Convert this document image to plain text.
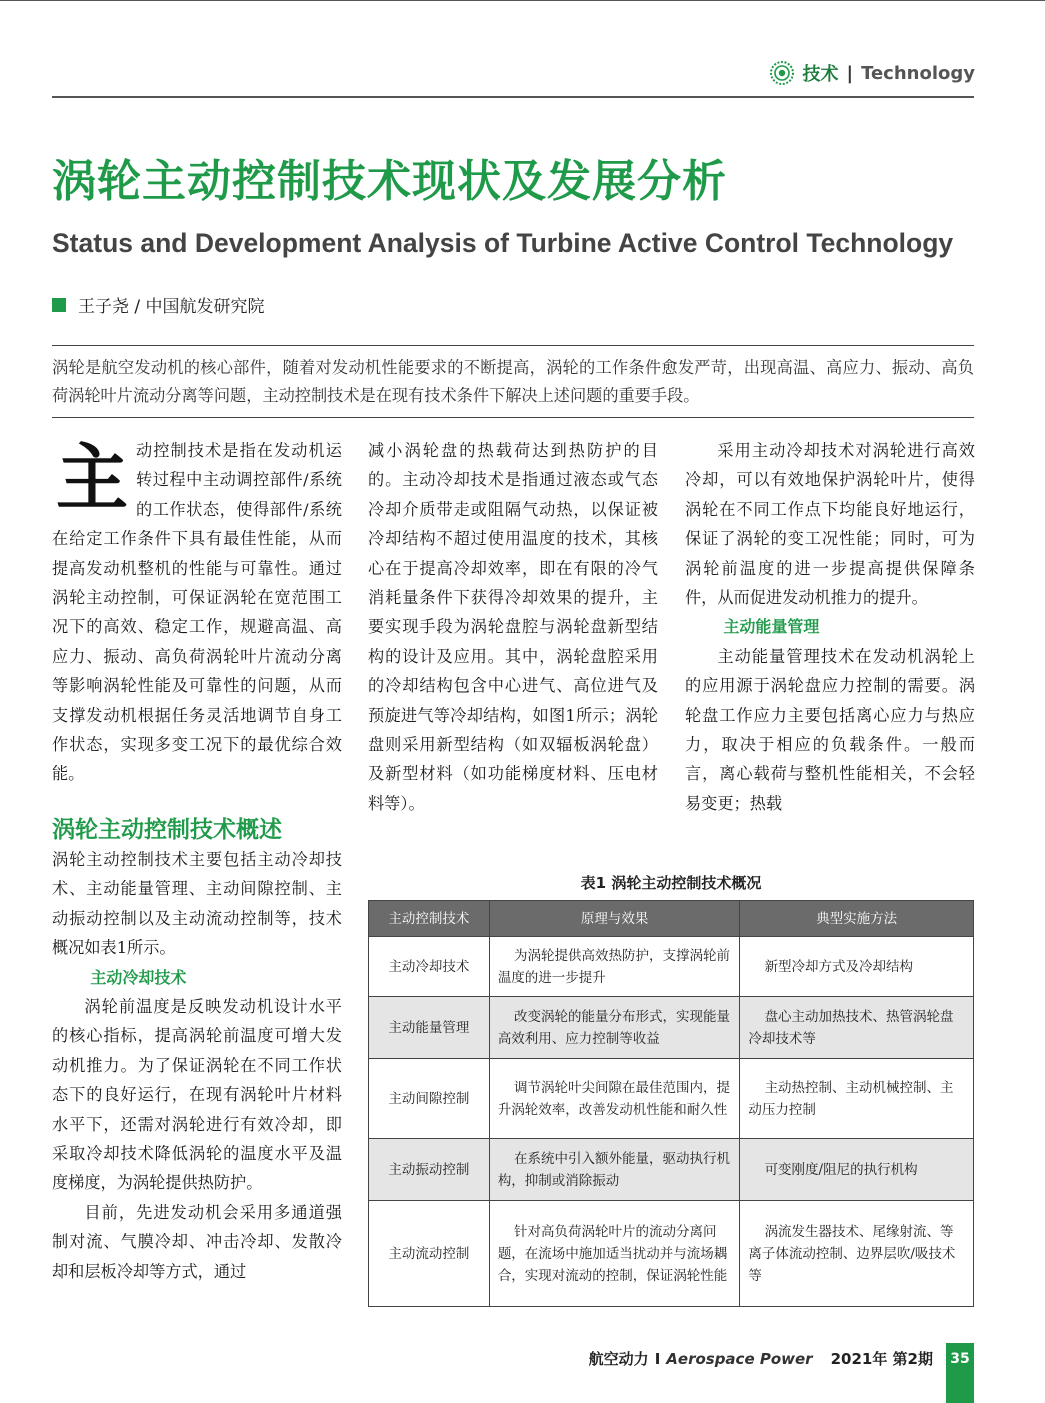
技术 | Technology
涡轮主动控制技术现状及发展分析
Status and Development Analysis of Turbine Active Control Technology
王子尧 / 中国航发研究院
涡轮是航空发动机的核心部件，随着对发动机性能要求的不断提高，涡轮的工作条件愈发严苛，出现高温、高应力、振动、高负荷涡轮叶片流动分离等问题，主动控制技术是在现有技术条件下解决上述问题的重要手段。

主动控制技术是指在发动机运转过程中主动调控部件/系统的工作状态，使得部件/系统在给定工作条件下具有最佳性能，从而提高发动机整机的性能与可靠性。通过涡轮主动控制，可保证涡轮在宽范围工况下的高效、稳定工作，规避高温、高应力、振动、高负荷涡轮叶片流动分离等影响涡轮性能及可靠性的问题，从而支撑发动机根据任务灵活地调节自身工作状态，实现多变工况下的最优综合效能。

涡轮主动控制技术概述

涡轮主动控制技术主要包括主动冷却技术、主动能量管理、主动间隙控制、主动振动控制以及主动流动控制等，技术概况如表1所示。

主动冷却技术

涡轮前温度是反映发动机设计水平的核心指标，提高涡轮前温度可增大发动机推力。为了保证涡轮在不同工作状态下的良好运行，在现有涡轮叶片材料水平下，还需对涡轮进行有效冷却，即采取冷却技术降低涡轮的温度水平及温度梯度，为涡轮提供热防护。

目前，先进发动机会采用多通道强制对流、气膜冷却、冲击冷却、发散冷却和层板冷却等方式，通过

减小涡轮盘的热载荷达到热防护的目的。主动冷却技术是指通过液态或气态冷却介质带走或阻隔气动热，以保证被冷却结构不超过使用温度的技术，其核心在于提高冷却效率，即在有限的冷气消耗量条件下获得冷却效果的提升，主要实现手段为涡轮盘腔与涡轮盘新型结构的设计及应用。其中，涡轮盘腔采用的冷却结构包含中心进气、高位进气及预旋进气等冷却结构，如图1所示；涡轮盘则采用新型结构（如双辐板涡轮盘）及新型材料（如功能梯度材料、压电材料等）。

采用主动冷却技术对涡轮进行高效冷却，可以有效地保护涡轮叶片，使得涡轮在不同工作点下均能良好地运行，保证了涡轮的变工况性能；同时，可为涡轮前温度的进一步提高提供保障条件，从而促进发动机推力的提升。

主动能量管理

主动能量管理技术在发动机涡轮上的应用源于涡轮盘应力控制的需要。涡轮盘工作应力主要包括离心应力与热应力，取决于相应的负载条件。一般而言，离心载荷与整机性能相关，不会轻易变更；热载

表1 涡轮主动控制技术概况
主动控制技术	原理与效果	典型实施方法
主动冷却技术	为涡轮提供高效热防护，支撑涡轮前温度的进一步提升	新型冷却方式及冷却结构
主动能量管理	改变涡轮的能量分布形式，实现能量高效利用、应力控制等收益	盘心主动加热技术、热管涡轮盘冷却技术等
主动间隙控制	调节涡轮叶尖间隙在最佳范围内，提升涡轮效率，改善发动机性能和耐久性	主动热控制、主动机械控制、主动压力控制
主动振动控制	在系统中引入额外能量，驱动执行机构，抑制或消除振动	可变刚度/阻尼的执行机构
主动流动控制	针对高负荷涡轮叶片的流动分离问题，在流场中施加适当扰动并与流场耦合，实现对流动的控制，保证涡轮性能	涡流发生器技术、尾缘射流、等离子体流动控制、边界层吹/吸技术等
航空动力 I Aerospace Power 2021年 第2期	35
